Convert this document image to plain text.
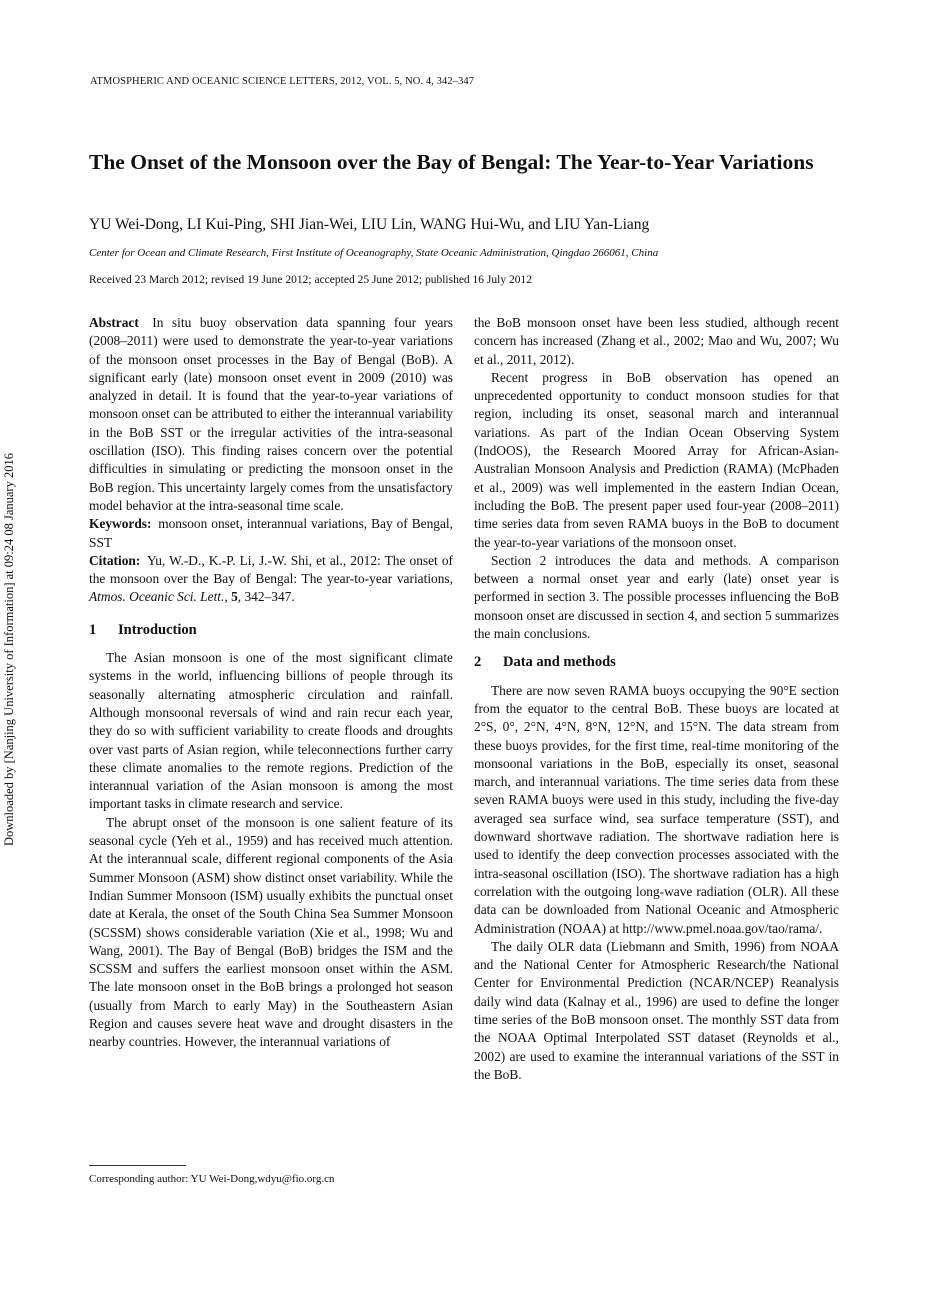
ATMOSPHERIC AND OCEANIC SCIENCE LETTERS, 2012, VOL. 5, NO. 4, 342–347
The Onset of the Monsoon over the Bay of Bengal: The Year-to-Year Variations
YU Wei-Dong, LI Kui-Ping, SHI Jian-Wei, LIU Lin, WANG Hui-Wu, and LIU Yan-Liang
Center for Ocean and Climate Research, First Institute of Oceanography, State Oceanic Administration, Qingdao 266061, China
Received 23 March 2012; revised 19 June 2012; accepted 25 June 2012; published 16 July 2012
Downloaded by [Nanjing University of Information] at 09:24 08 January 2016

Abstract  In situ buoy observation data spanning four years (2008–2011) were used to demonstrate the year-to-year variations of the monsoon onset processes in the Bay of Bengal (BoB). A significant early (late) monsoon onset event in 2009 (2010) was analyzed in detail. It is found that the year-to-year variations of monsoon onset can be attributed to either the interannual variability in the BoB SST or the irregular activities of the intra-seasonal oscillation (ISO). This finding raises concern over the potential difficulties in simulating or predicting the monsoon onset in the BoB region. This uncertainty largely comes from the unsatisfactory model behavior at the intra-seasonal time scale.

Keywords:  monsoon onset, interannual variations, Bay of Bengal, SST

Citation:  Yu, W.-D., K.-P. Li, J.-W. Shi, et al., 2012: The onset of the monsoon over the Bay of Bengal: The year-to-year variations, Atmos. Oceanic Sci. Lett., 5, 342–347.

1  Introduction

The Asian monsoon is one of the most significant climate systems in the world, influencing billions of people through its seasonally alternating atmospheric circulation and rainfall. Although monsoonal reversals of wind and rain recur each year, they do so with sufficient variability to create floods and droughts over vast parts of Asian region, while teleconnections further carry these climate anomalies to the remote regions. Prediction of the interannual variation of the Asian monsoon is among the most important tasks in climate research and service.

The abrupt onset of the monsoon is one salient feature of its seasonal cycle (Yeh et al., 1959) and has received much attention. At the interannual scale, different regional components of the Asia Summer Monsoon (ASM) show distinct onset variability. While the Indian Summer Monsoon (ISM) usually exhibits the punctual onset date at Kerala, the onset of the South China Sea Summer Monsoon (SCSSM) shows considerable variation (Xie et al., 1998; Wu and Wang, 2001). The Bay of Bengal (BoB) bridges the ISM and the SCSSM and suffers the earliest monsoon onset within the ASM. The late monsoon onset in the BoB brings a prolonged hot season (usually from March to early May) in the Southeastern Asian Region and causes severe heat wave and drought disasters in the nearby countries. However, the interannual variations of

the BoB monsoon onset have been less studied, although recent concern has increased (Zhang et al., 2002; Mao and Wu, 2007; Wu et al., 2011, 2012).

Recent progress in BoB observation has opened an unprecedented opportunity to conduct monsoon studies for that region, including its onset, seasonal march and interannual variations. As part of the Indian Ocean Observing System (IndOOS), the Research Moored Array for African-Asian-Australian Monsoon Analysis and Prediction (RAMA) (McPhaden et al., 2009) was well implemented in the eastern Indian Ocean, including the BoB. The present paper used four-year (2008–2011) time series data from seven RAMA buoys in the BoB to document the year-to-year variations of the monsoon onset.

Section 2 introduces the data and methods. A comparison between a normal onset year and early (late) onset year is performed in section 3. The possible processes influencing the BoB monsoon onset are discussed in section 4, and section 5 summarizes the main conclusions.

2  Data and methods

There are now seven RAMA buoys occupying the 90°E section from the equator to the central BoB. These buoys are located at 2°S, 0°, 2°N, 4°N, 8°N, 12°N, and 15°N. The data stream from these buoys provides, for the first time, real-time monitoring of the monsoonal variations in the BoB, especially its onset, seasonal march, and interannual variations. The time series data from these seven RAMA buoys were used in this study, including the five-day averaged sea surface wind, sea surface temperature (SST), and downward shortwave radiation. The shortwave radiation here is used to identify the deep convection processes associated with the intra-seasonal oscillation (ISO). The shortwave radiation has a high correlation with the outgoing long-wave radiation (OLR). All these data can be downloaded from National Oceanic and Atmospheric Administration (NOAA) at http://www.pmel.noaa.gov/tao/rama/.

The daily OLR data (Liebmann and Smith, 1996) from NOAA and the National Center for Atmospheric Research/the National Center for Environmental Prediction (NCAR/NCEP) Reanalysis daily wind data (Kalnay et al., 1996) are used to define the longer time series of the BoB monsoon onset. The monthly SST data from the NOAA Optimal Interpolated SST dataset (Reynolds et al., 2002) are used to examine the interannual variations of the SST in the BoB.

Corresponding author: YU Wei-Dong,wdyu@fio.org.cn
